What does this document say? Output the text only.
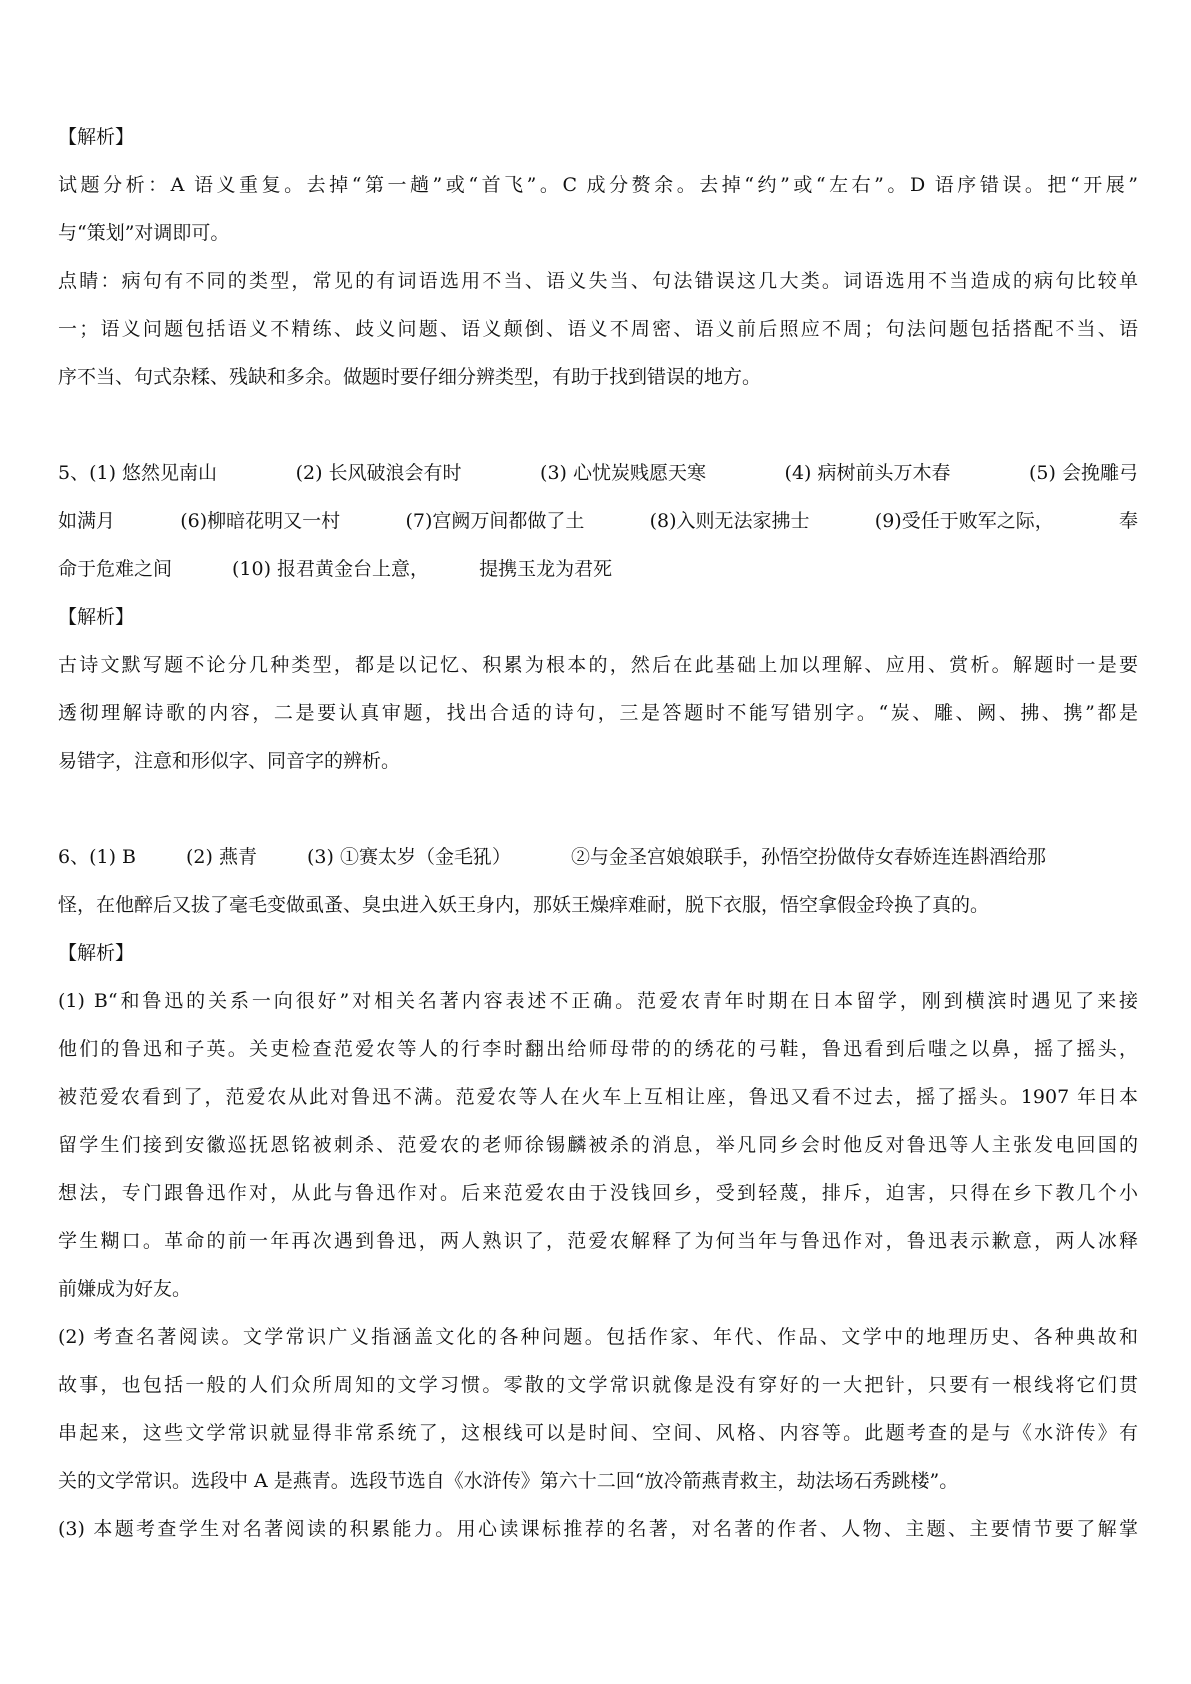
【解析】
试题分析：A 语义重复。去掉“第一趟”或“首飞”。C 成分赘余。去掉“约”或“左右”。D 语序错误。把“开展”
与“策划”对调即可。
点睛：病句有不同的类型，常见的有词语选用不当、语义失当、句法错误这几大类。词语选用不当造成的病句比较单
一；语义问题包括语义不精练、歧义问题、语义颠倒、语义不周密、语义前后照应不周；句法问题包括搭配不当、语
序不当、句式杂糅、残缺和多余。做题时要仔细分辨类型，有助于找到错误的地方。
5、(1) 悠然见南山	(2) 长风破浪会有时	(3) 心忧炭贱愿天寒	(4) 病树前头万木春	(5) 会挽雕弓
如满月	(6)柳暗花明又一村	(7)宫阙万间都做了土	(8)入则无法家拂士	(9)受任于败军之际，	奉
命于危难之间	(10) 报君黄金台上意，	提携玉龙为君死
【解析】
古诗文默写题不论分几种类型，都是以记忆、积累为根本的，然后在此基础上加以理解、应用、赏析。解题时一是要
透彻理解诗歌的内容，二是要认真审题，找出合适的诗句，三是答题时不能写错别字。“炭、雕、阙、拂、携”都是
易错字，注意和形似字、同音字的辨析。
6、(1) B	(2) 燕青	(3) ①赛太岁（金毛犼）	②与金圣宫娘娘联手，孙悟空扮做侍女春娇连连斟酒给那
怪，在他醉后又拔了毫毛变做虱蚤、臭虫进入妖王身内，那妖王燥痒难耐，脱下衣服，悟空拿假金玲换了真的。
【解析】
(1) B“和鲁迅的关系一向很好”对相关名著内容表述不正确。范爱农青年时期在日本留学，刚到横滨时遇见了来接
他们的鲁迅和子英。关吏检查范爱农等人的行李时翻出给师母带的的绣花的弓鞋，鲁迅看到后嗤之以鼻，摇了摇头，
被范爱农看到了，范爱农从此对鲁迅不满。范爱农等人在火车上互相让座，鲁迅又看不过去，摇了摇头。1907 年日本
留学生们接到安徽巡抚恩铭被刺杀、范爱农的老师徐锡麟被杀的消息，举凡同乡会时他反对鲁迅等人主张发电回国的
想法，专门跟鲁迅作对，从此与鲁迅作对。后来范爱农由于没钱回乡，受到轻蔑，排斥，迫害，只得在乡下教几个小
学生糊口。革命的前一年再次遇到鲁迅，两人熟识了，范爱农解释了为何当年与鲁迅作对，鲁迅表示歉意，两人冰释
前嫌成为好友。
(2) 考查名著阅读。文学常识广义指涵盖文化的各种问题。包括作家、年代、作品、文学中的地理历史、各种典故和
故事，也包括一般的人们众所周知的文学习惯。零散的文学常识就像是没有穿好的一大把针，只要有一根线将它们贯
串起来，这些文学常识就显得非常系统了，这根线可以是时间、空间、风格、内容等。此题考查的是与《水浒传》有
关的文学常识。选段中 A 是燕青。选段节选自《水浒传》第六十二回“放冷箭燕青救主，劫法场石秀跳楼”。
(3) 本题考查学生对名著阅读的积累能力。用心读课标推荐的名著，对名著的作者、人物、主题、主要情节要了解掌
